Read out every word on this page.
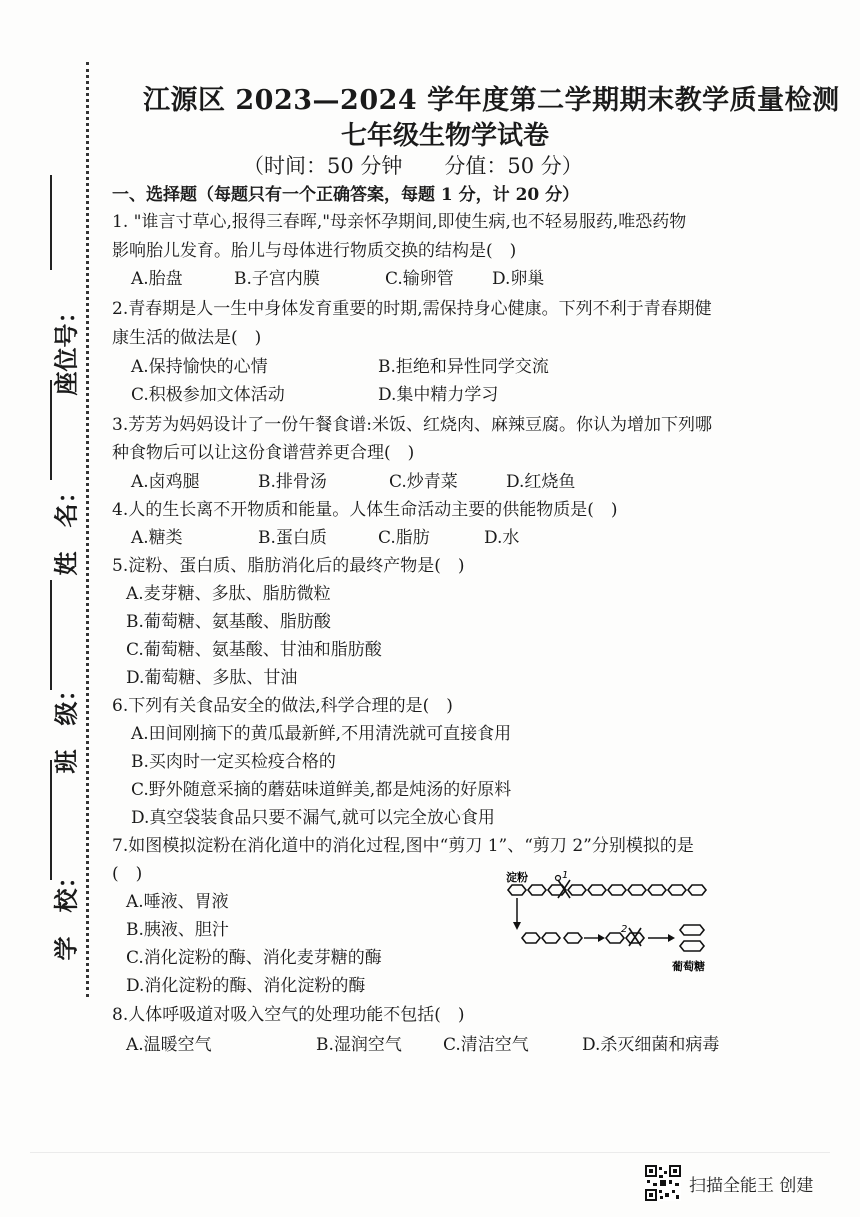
座位号：
姓　名：
班　级：
学　校：
江源区 2023—2024 学年度第二学期期末教学质量检测
七年级生物学试卷
（时间：50 分钟　　分值：50 分）
一、选择题（每题只有一个正确答案，每题 1 分，计 20 分）
1. "谁言寸草心,报得三春晖,"母亲怀孕期间,即使生病,也不轻易服药,唯恐药物
影响胎儿发育。胎儿与母体进行物质交换的结构是(　)
A.胎盘	B.子宫内膜	C.输卵管 D.卵巢
2.青春期是人一生中身体发育重要的时期,需保持身心健康。下列不利于青春期健
康生活的做法是(　)
A.保持愉快的心情	B.拒绝和异性同学交流
C.积极参加文体活动	D.集中精力学习
3.芳芳为妈妈设计了一份午餐食谱:米饭、红烧肉、麻辣豆腐。你认为增加下列哪
种食物后可以让这份食谱营养更合理(　)
A.卤鸡腿	B.排骨汤	C.炒青菜	D.红烧鱼
4.人的生长离不开物质和能量。人体生命活动主要的供能物质是(　)
A.糖类	B.蛋白质	C.脂肪	D.水
5.淀粉、蛋白质、脂肪消化后的最终产物是(　)
A.麦芽糖、多肽、脂肪微粒
B.葡萄糖、氨基酸、脂肪酸
C.葡萄糖、氨基酸、甘油和脂肪酸
D.葡萄糖、多肽、甘油
6.下列有关食品安全的做法,科学合理的是(　)
A.田间刚摘下的黄瓜最新鲜,不用清洗就可直接食用
B.买肉时一定买检疫合格的
C.野外随意采摘的蘑菇味道鲜美,都是炖汤的好原料
D.真空袋装食品只要不漏气,就可以完全放心食用
7.如图模拟淀粉在消化道中的消化过程,图中“剪刀 1”、“剪刀 2”分别模拟的是
(　)
A.唾液、胃液
B.胰液、胆汁
C.消化淀粉的酶、消化麦芽糖的酶
D.消化淀粉的酶、消化淀粉的酶
淀粉	1
2
葡萄糖
8.人体呼吸道对吸入空气的处理功能不包括(　)
A.温暖空气	B.湿润空气 C.清洁空气	D.杀灭细菌和病毒
扫描全能王 创建
